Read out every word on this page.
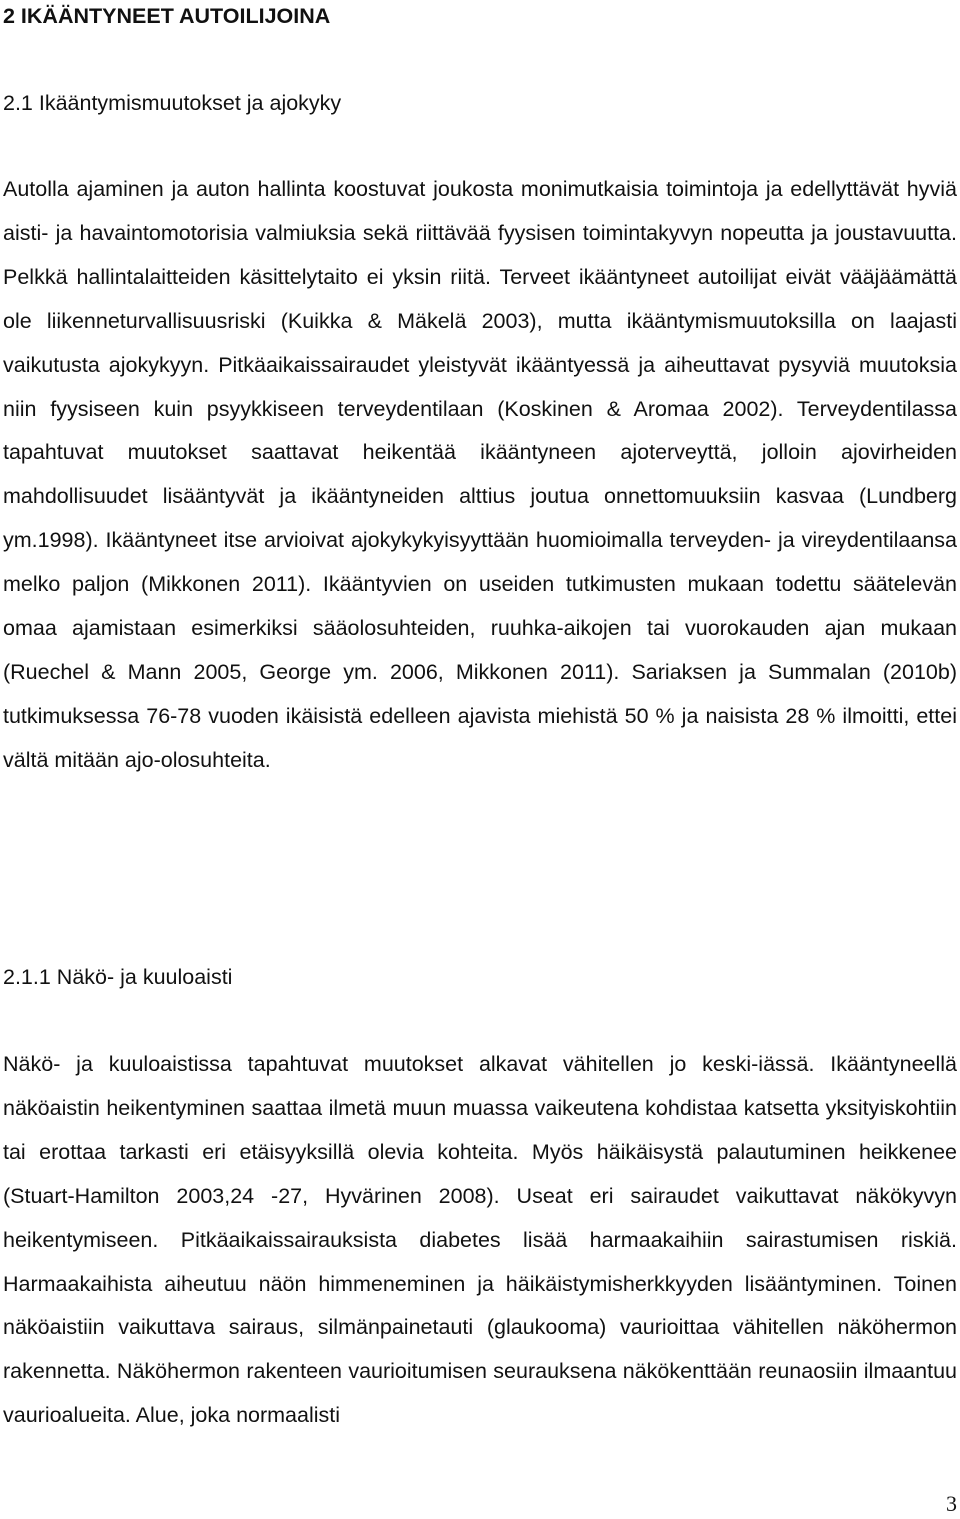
2 IKÄÄNTYNEET AUTOILIJOINA
2.1 Ikääntymismuutokset ja ajokyky

Autolla ajaminen ja auton hallinta koostuvat joukosta monimutkaisia toimintoja ja edellyttävät hyviä aisti- ja havaintomotorisia valmiuksia sekä riittävää fyysisen toimintakyvyn nopeutta ja joustavuutta. Pelkkä hallintalaitteiden käsittelytaito ei yksin riitä. Terveet ikääntyneet autoilijat eivät vääjäämättä ole liikenneturvallisuusriski (Kuikka & Mäkelä 2003), mutta ikääntymismuutoksilla on laajasti vaikutusta ajokykyyn. Pitkäaikaissairaudet yleistyvät ikääntyessä ja aiheuttavat pysyviä muutoksia niin fyysiseen kuin psyykkiseen terveydentilaan (Koskinen & Aromaa 2002). Terveydentilassa tapahtuvat muutokset saattavat heikentää ikääntyneen ajoterveyttä, jolloin ajovirheiden mahdollisuudet lisääntyvät ja ikääntyneiden alttius joutua onnettomuuksiin kasvaa (Lundberg ym.1998). Ikääntyneet itse arvioivat ajokykykyisyyttään huomioimalla terveyden- ja vireydentilaansa melko paljon (Mikkonen 2011). Ikääntyvien on useiden tutkimusten mukaan todettu säätelevän omaa ajamistaan esimerkiksi sääolosuhteiden, ruuhka-aikojen tai vuorokauden ajan mukaan (Ruechel & Mann 2005, George ym. 2006, Mikkonen 2011). Sariaksen ja Summalan (2010b) tutkimuksessa 76-78 vuoden ikäisistä edelleen ajavista miehistä 50 % ja naisista 28 % ilmoitti, ettei vältä mitään ajo-olosuhteita.

2.1.1 Näkö- ja kuuloaisti

Näkö- ja kuuloaistissa tapahtuvat muutokset alkavat vähitellen jo keski-iässä. Ikääntyneellä näköaistin heikentyminen saattaa ilmetä muun muassa vaikeutena kohdistaa katsetta yksityiskohtiin tai erottaa tarkasti eri etäisyyksillä olevia kohteita. Myös häikäisystä palautuminen heikkenee (Stuart-Hamilton 2003,24 -27, Hyvärinen 2008). Useat eri sairaudet vaikuttavat näkökyvyn heikentymiseen. Pitkäaikaissairauksista diabetes lisää harmaakaihiin sairastumisen riskiä. Harmaakaihista aiheutuu näön himmeneminen ja häikäistymisherkkyyden lisääntyminen. Toinen näköaistiin vaikuttava sairaus, silmänpainetauti (glaukooma) vaurioittaa vähitellen näköhermon rakennetta. Näköhermon rakenteen vaurioitumisen seurauksena näkökenttään reunaosiin ilmaantuu vaurioalueita. Alue, joka normaalisti

3
